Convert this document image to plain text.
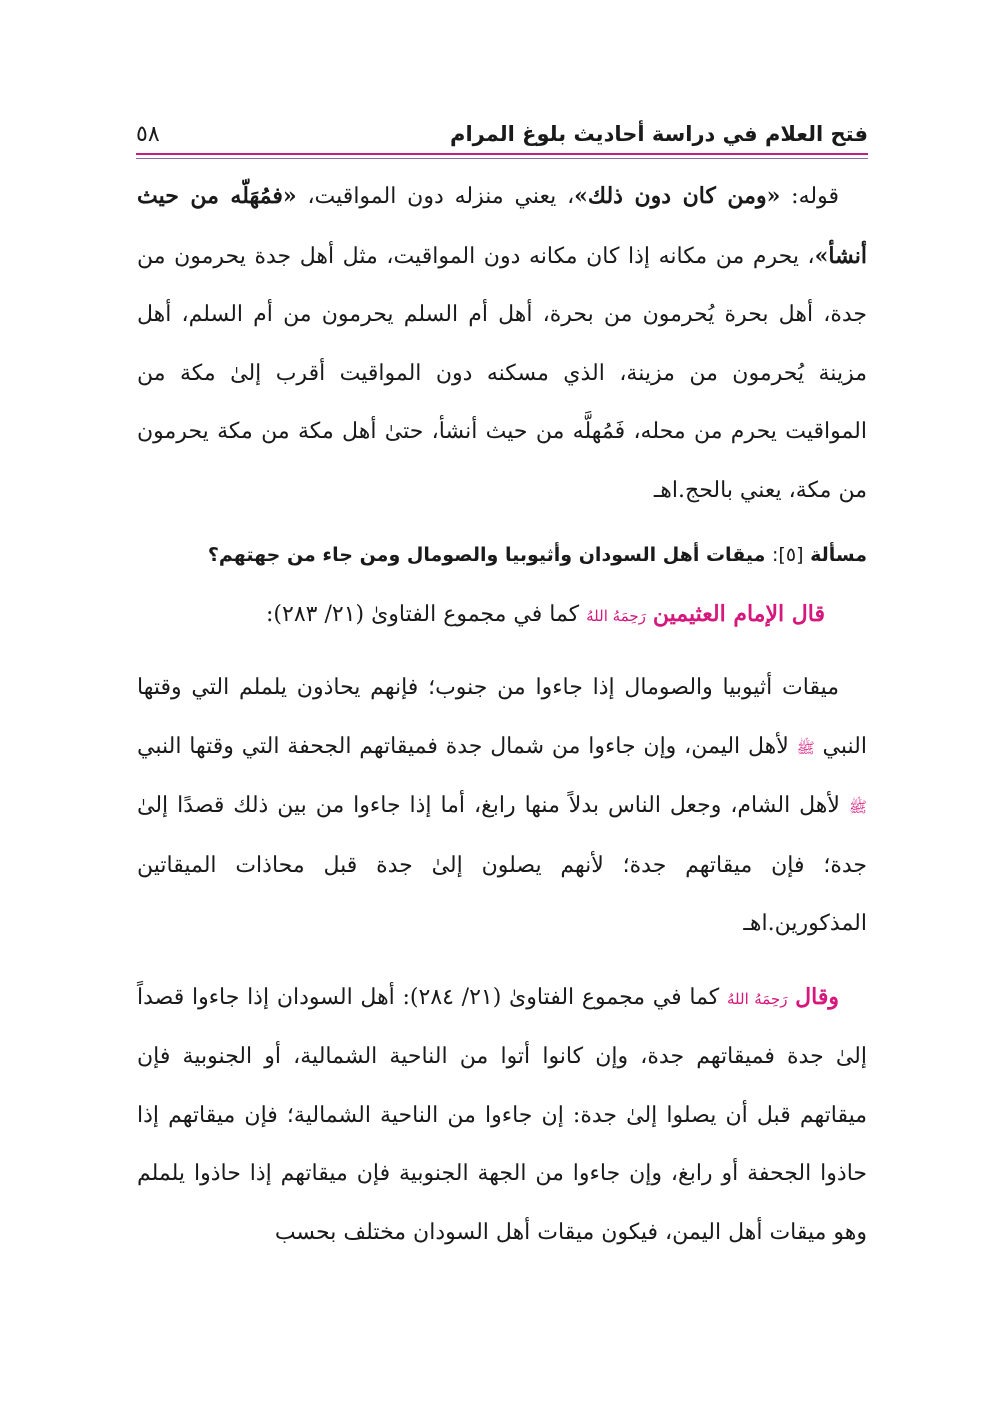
فتح العلام في دراسة أحاديث بلوغ المرام
٥٨

قوله: «ومن كان دون ذلك»، يعني منزله دون المواقيت، «فمُهَلّه من حيث أنشأ»، يحرم من مكانه إذا كان مكانه دون المواقيت، مثل أهل جدة يحرمون من جدة، أهل بحرة يُحرمون من بحرة، أهل أم السلم يحرمون من أم السلم، أهل مزينة يُحرمون من مزينة، الذي مسكنه دون المواقيت أقرب إلىٰ مكة من المواقيت يحرم من محله، فَمُهلَّه من حيث أنشأ، حتىٰ أهل مكة من مكة يحرمون من مكة، يعني بالحج.اهـ

مسألة [٥]: ميقات أهل السودان وأثيوبيا والصومال ومن جاء من جهتهم؟

قال الإمام العثيمين رَحِمَهُ اللهُ كما في مجموع الفتاوىٰ (٢١/ ٢٨٣):

ميقات أثيوبيا والصومال إذا جاءوا من جنوب؛ فإنهم يحاذون يلملم التي وقتها النبي ﷺ لأهل اليمن، وإن جاءوا من شمال جدة فميقاتهم الجحفة التي وقتها النبي ﷺ لأهل الشام، وجعل الناس بدلاً منها رابغ، أما إذا جاءوا من بين ذلك قصدًا إلىٰ جدة؛ فإن ميقاتهم جدة؛ لأنهم يصلون إلىٰ جدة قبل محاذات الميقاتين المذكورين.اهـ

وقال رَحِمَهُ اللهُ كما في مجموع الفتاوىٰ (٢١/ ٢٨٤): أهل السودان إذا جاءوا قصداً إلىٰ جدة فميقاتهم جدة، وإن كانوا أتوا من الناحية الشمالية، أو الجنوبية فإن ميقاتهم قبل أن يصلوا إلىٰ جدة: إن جاءوا من الناحية الشمالية؛ فإن ميقاتهم إذا حاذوا الجحفة أو رابغ، وإن جاءوا من الجهة الجنوبية فإن ميقاتهم إذا حاذوا يلملم وهو ميقات أهل اليمن، فيكون ميقات أهل السودان مختلف بحسب
